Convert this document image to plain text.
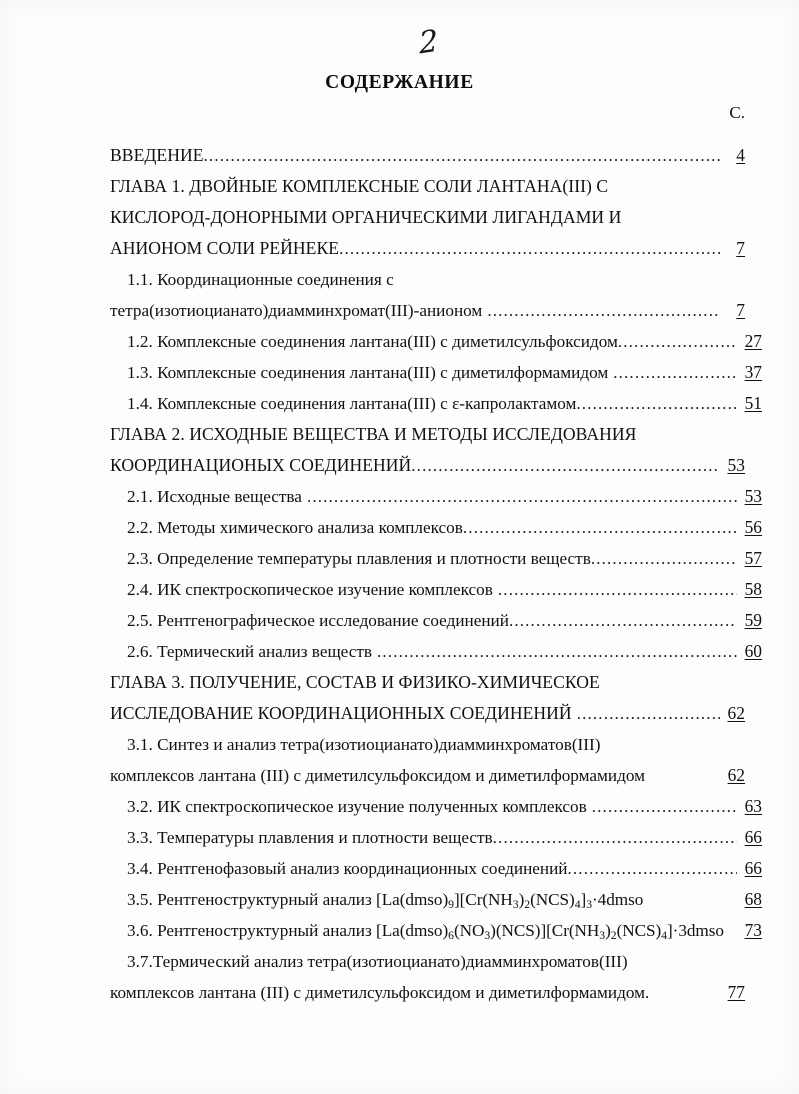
2
СОДЕРЖАНИЕ
С.
ВВЕДЕНИЕ .....	4
ГЛАВА 1. ДВОЙНЫЕ КОМПЛЕКСНЫЕ СОЛИ ЛАНТАНА(III) С
КИСЛОРОД-ДОНОРНЫМИ ОРГАНИЧЕСКИМИ ЛИГАНДАМИ И
АНИОНОМ СОЛИ РЕЙНЕКЕ .....	7
1.1. Координационные соединения с
тетра(изотиоцианато)диамминхромат(III)-анионом .....	7
1.2. Комплексные соединения лантана(III) с диметилсульфоксидом .....	27
1.3. Комплексные соединения лантана(III) с диметилформамидом .....	37
1.4. Комплексные соединения лантана(III) с ε-капролактамом .....	51
ГЛАВА 2. ИСХОДНЫЕ ВЕЩЕСТВА И МЕТОДЫ ИССЛЕДОВАНИЯ
КООРДИНАЦИОНЫХ СОЕДИНЕНИЙ .....	53
2.1. Исходные вещества .....	53
2.2. Методы химического анализа комплексов .....	56
2.3. Определение температуры плавления и плотности веществ .....	57
2.4. ИК спектроскопическое изучение комплексов .....	58
2.5. Рентгенографическое исследование соединений .....	59
2.6. Термический анализ веществ .....	60
ГЛАВА 3. ПОЛУЧЕНИЕ, СОСТАВ И ФИЗИКО-ХИМИЧЕСКОЕ
ИССЛЕДОВАНИЕ КООРДИНАЦИОННЫХ СОЕДИНЕНИЙ .....	62
3.1. Синтез и анализ тетра(изотиоцианато)диамминхроматов(III)
комплексов лантана (III) с диметилсульфоксидом и диметилформамидом	62
3.2. ИК спектроскопическое изучение полученных комплексов .....	63
3.3. Температуры плавления и плотности веществ .....	66
3.4. Рентгенофазовый анализ координационных соединений .....	66
3.5. Рентгеноструктурный анализ $[La(dmso)_9][Cr(NH_3)_2(NCS)_4]_3\cdot 4dmso$	68
3.6. Рентгеноструктурный анализ $[La(dmso)_6(NO_3)(NCS)][Cr(NH_3)_2(NCS)_4]\cdot 3dmso$	73
3.7.Термический анализ тетра(изотиоцианато)диамминхроматов(III)
комплексов лантана (III) с диметилсульфоксидом и диметилформамидом.	77
